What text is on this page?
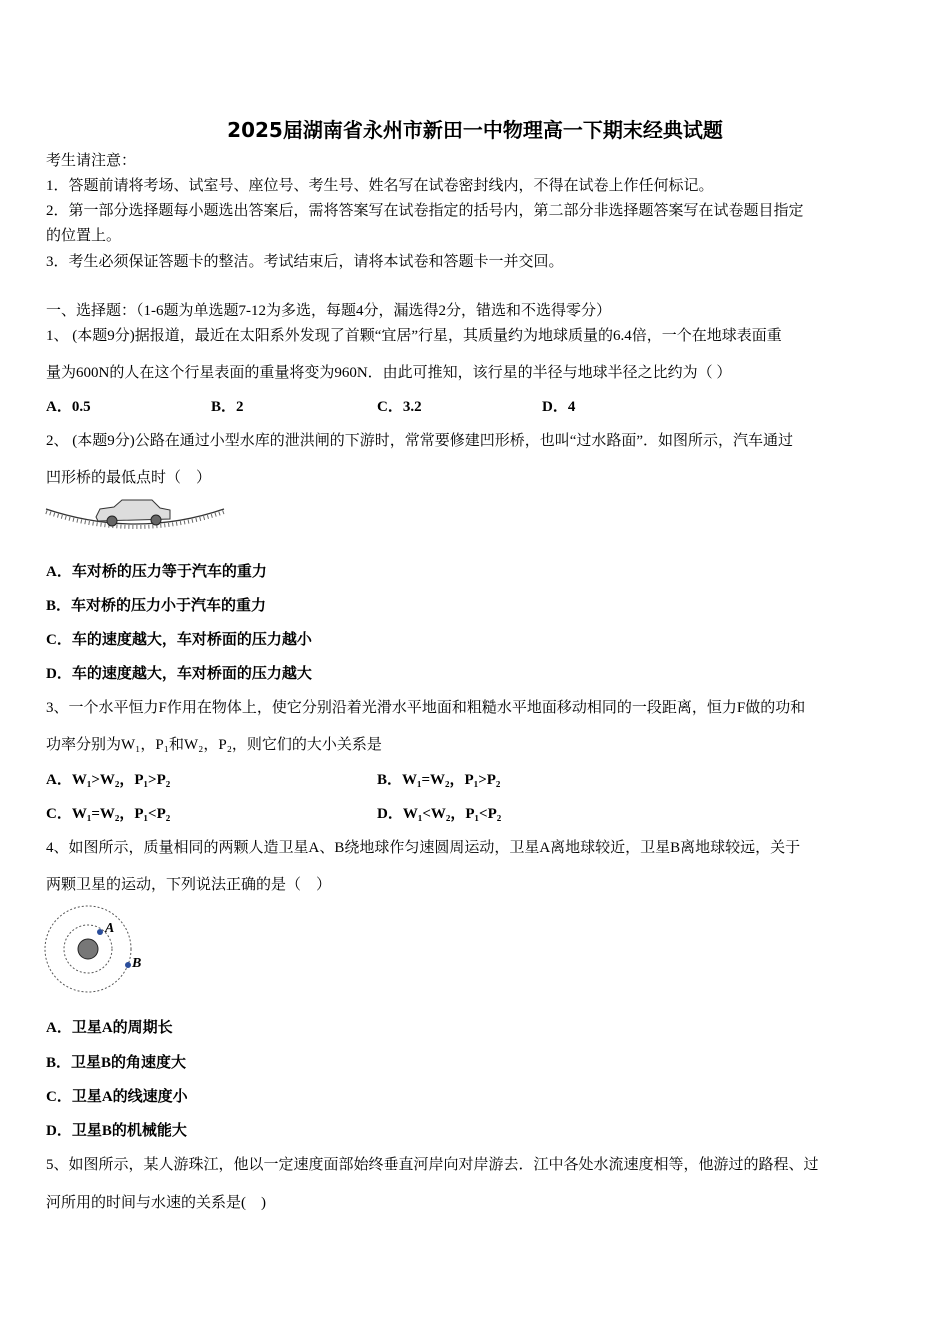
2025届湖南省永州市新田一中物理高一下期末经典试题
考生请注意：
1．答题前请将考场、试室号、座位号、考生号、姓名写在试卷密封线内，不得在试卷上作任何标记。
2．第一部分选择题每小题选出答案后，需将答案写在试卷指定的括号内，第二部分非选择题答案写在试卷题目指定
的位置上。
3．考生必须保证答题卡的整洁。考试结束后，请将本试卷和答题卡一并交回。
一、选择题：（1-6题为单选题7-12为多选，每题4分，漏选得2分，错选和不选得零分）
1、 (本题9分)据报道，最近在太阳系外发现了首颗“宜居”行星，其质量约为地球质量的6.4倍，一个在地球表面重
量为600N的人在这个行星表面的重量将变为960N．由此可推知，该行星的半径与地球半径之比约为（ ）
A．0.5	B．2	C．3.2	D．4
2、 (本题9分)公路在通过小型水库的泄洪闸的下游时，常常要修建凹形桥，也叫“过水路面”．如图所示，汽车通过
凹形桥的最低点时（　）
A．车对桥的压力等于汽车的重力
B．车对桥的压力小于汽车的重力
C．车的速度越大，车对桥面的压力越小
D．车的速度越大，车对桥面的压力越大
3、一个水平恒力F作用在物体上，使它分别沿着光滑水平地面和粗糙水平地面移动相同的一段距离，恒力F做的功和
功率分别为W₁，P₁和W₂，P₂，则它们的大小关系是
A．W₁>W₂，P₁>P₂	B．W₁=W₂，P₁>P₂
C．W₁=W₂，P₁<P₂	D．W₁<W₂，P₁<P₂
4、如图所示，质量相同的两颗人造卫星A、B绕地球作匀速圆周运动，卫星A离地球较近，卫星B离地球较远，关于
两颗卫星的运动，下列说法正确的是（　）
A
B
A．卫星A的周期长
B．卫星B的角速度大
C．卫星A的线速度小
D．卫星B的机械能大
5、如图所示，某人游珠江，他以一定速度面部始终垂直河岸向对岸游去．江中各处水流速度相等，他游过的路程、过
河所用的时间与水速的关系是(　)
